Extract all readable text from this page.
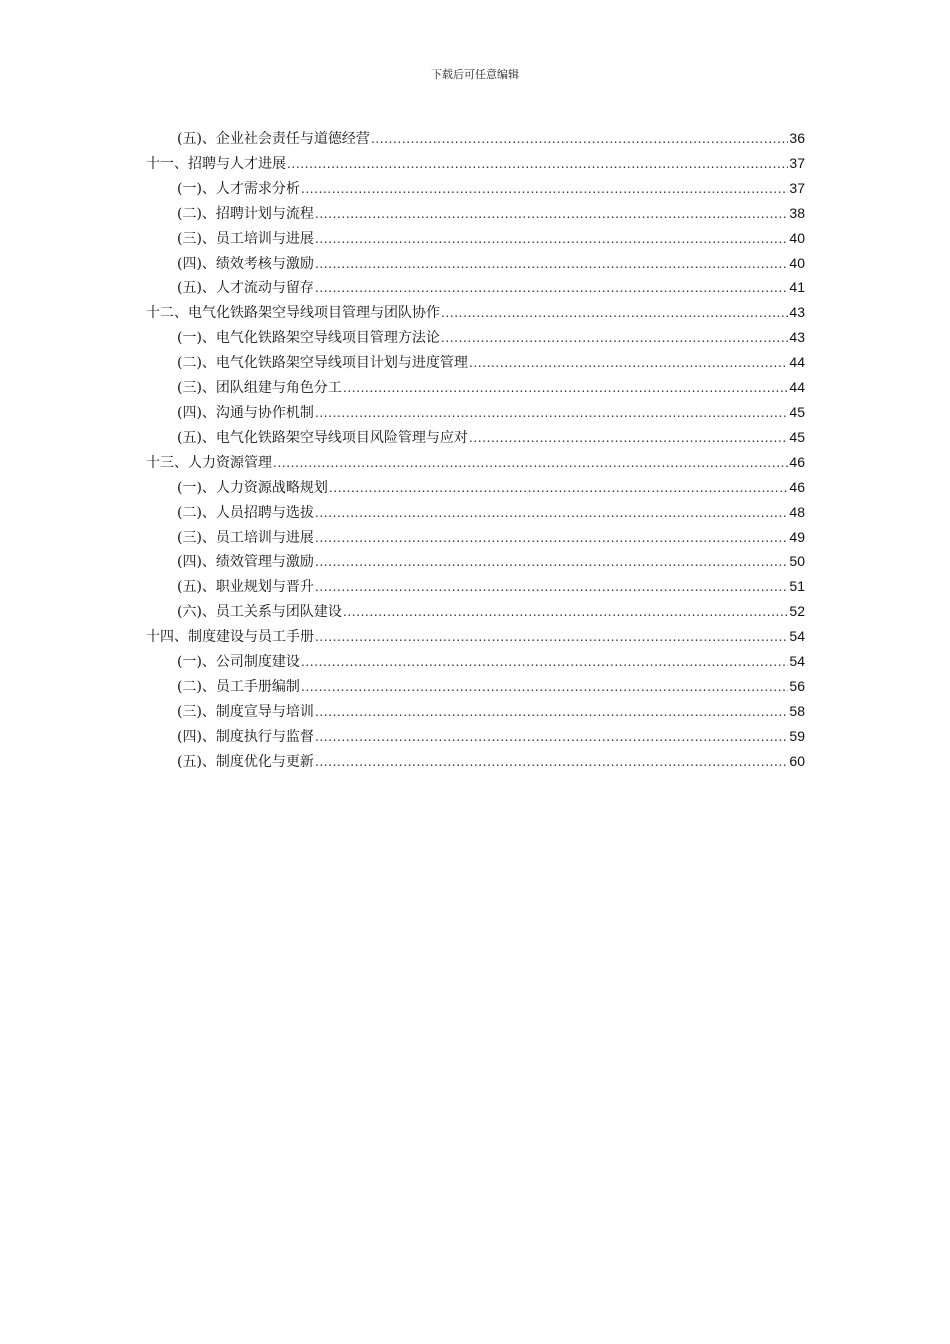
下载后可任意编辑
(五)、企业社会责任与道德经营 .....	36
十一、招聘与人才进展 .....	37
(一)、人才需求分析 .....	37
(二)、招聘计划与流程 .....	38
(三)、员工培训与进展 .....	40
(四)、绩效考核与激励 .....	40
(五)、人才流动与留存 .....	41
十二、电气化铁路架空导线项目管理与团队协作 .....	43
(一)、电气化铁路架空导线项目管理方法论 .....	43
(二)、电气化铁路架空导线项目计划与进度管理 .....	44
(三)、团队组建与角色分工 .....	44
(四)、沟通与协作机制 .....	45
(五)、电气化铁路架空导线项目风险管理与应对 .....	45
十三、人力资源管理 .....	46
(一)、人力资源战略规划 .....	46
(二)、人员招聘与选拔 .....	48
(三)、员工培训与进展 .....	49
(四)、绩效管理与激励 .....	50
(五)、职业规划与晋升 .....	51
(六)、员工关系与团队建设 .....	52
十四、制度建设与员工手册 .....	54
(一)、公司制度建设 .....	54
(二)、员工手册编制 .....	56
(三)、制度宣导与培训 .....	58
(四)、制度执行与监督 .....	59
(五)、制度优化与更新 .....	60
